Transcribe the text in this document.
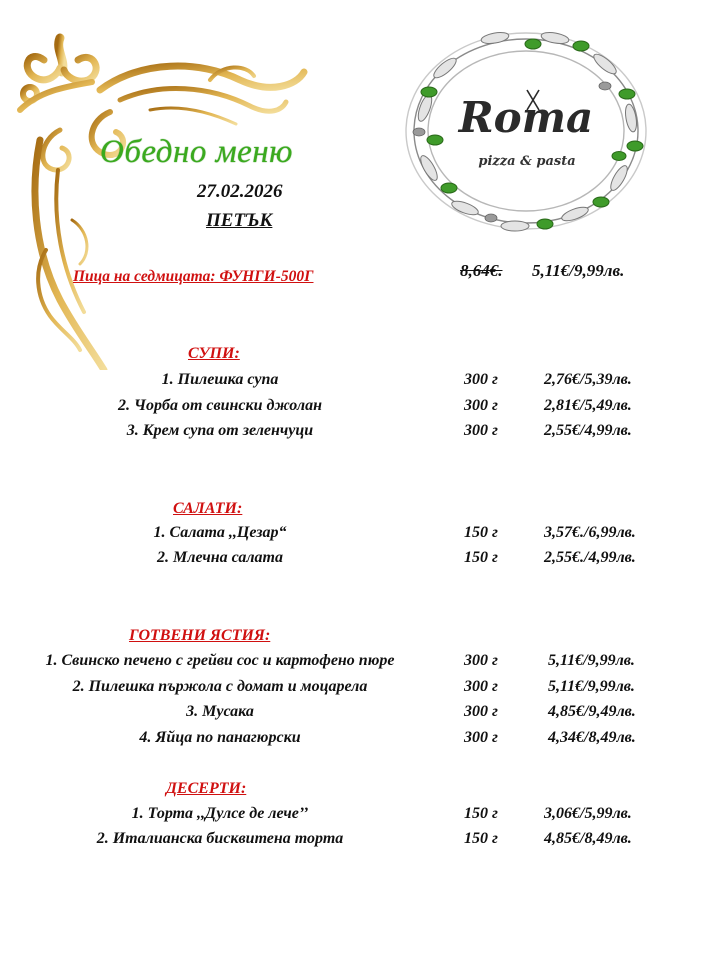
Roma
pizza & pasta
Обедно меню
27.02.2026
ПЕТЪК
Пица на седмицата: ФУНГИ-500Г	8,64€. 5,11€/9,99лв.
СУПИ:
1. Пилешка супа	300 г	2,76€/5,39лв.
2. Чорба от свински джолан	300 г	2,81€/5,49лв.
3. Крем супа от зеленчуци	300 г	2,55€/4,99лв.
САЛАТИ:
1. Салата ,,Цезар“	150 г	3,57€./6,99лв.
2. Млечна салата	150 г	2,55€./4,99лв.
ГОТВЕНИ ЯСТИЯ:
1. Свинско печено с грейви сос и картофено пюре	300 г	5,11€/9,99лв.
2. Пилешка пържола с домат и моцарела	300 г	5,11€/9,99лв.
3. Мусака	300 г	4,85€/9,49лв.
4. Яйца по панагюрски	300 г	4,34€/8,49лв.
ДЕСЕРТИ:
1. Торта ,,Дулсе де лече’’	150 г	3,06€/5,99лв.
2. Италианска бисквитена торта	150 г	4,85€/8,49лв.
